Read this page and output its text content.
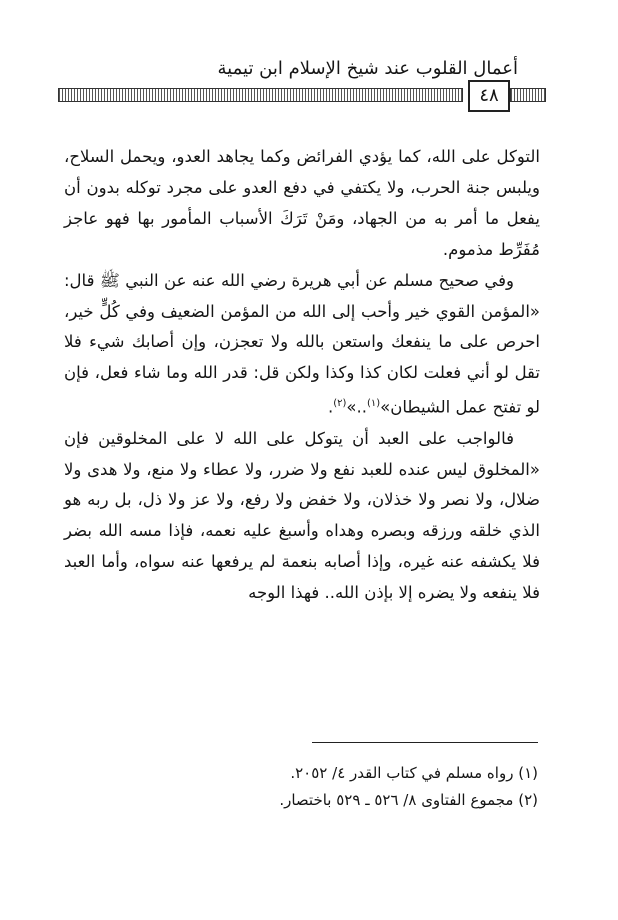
أعمال القلوب عند شيخ الإسلام ابن تيمية
٤٨

التوكل على الله، كما يؤدي الفرائض وكما يجاهد العدو، ويحمل السلاح، ويلبس جنة الحرب، ولا يكتفي في دفع العدو على مجرد توكله بدون أن يفعل ما أمر به من الجهاد، ومَنْ تَرَكَ الأسباب المأمور بها فهو عاجز مُفَرِّط مذموم.

وفي صحيح مسلم عن أبي هريرة رضي الله عنه عن النبي ﷺ قال: «المؤمن القوي خير وأحب إلى الله من المؤمن الضعيف وفي كُلٍّ خير، احرص على ما ينفعك واستعن بالله ولا تعجزن، وإن أصابك شيء فلا تقل لو أني فعلت لكان كذا وكذا ولكن قل: قدر الله وما شاء فعل، فإن لو تفتح عمل الشيطان»$^{(١)}$..»$^{(٢)}$.

فالواجب على العبد أن يتوكل على الله لا على المخلوقين فإن «المخلوق ليس عنده للعبد نفع ولا ضرر، ولا عطاء ولا منع، ولا هدى ولا ضلال، ولا نصر ولا خذلان، ولا خفض ولا رفع، ولا عز ولا ذل، بل ربه هو الذي خلقه ورزقه وبصره وهداه وأسبغ عليه نعمه، فإذا مسه الله بضر فلا يكشفه عنه غيره، وإذا أصابه بنعمة لم يرفعها عنه سواه، وأما العبد فلا ينفعه ولا يضره إلا بإذن الله.. فهذا الوجه

(١) رواه مسلم في كتاب القدر ٤/ ٢٠٥٢.
(٢) مجموع الفتاوى ٨/ ٥٢٦ ـ ٥٢٩ باختصار.
